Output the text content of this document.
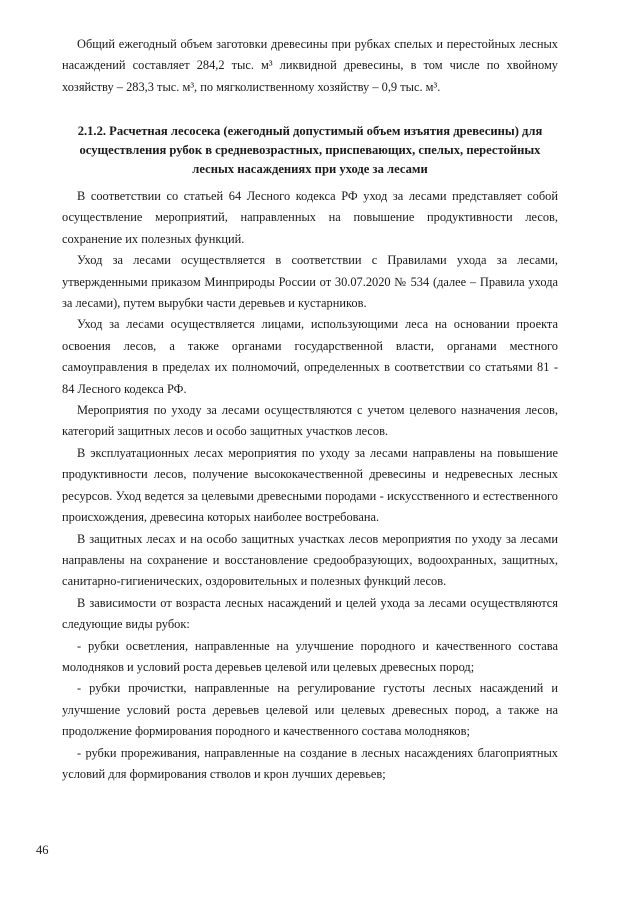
Общий ежегодный объем заготовки древесины при рубках спелых и перестойных лесных насаждений составляет 284,2 тыс. м³ ликвидной древесины, в том числе по хвойному хозяйству – 283,3 тыс. м³, по мягколиственному хозяйству – 0,9 тыс. м³.

2.1.2. Расчетная лесосека (ежегодный допустимый объем изъятия древесины) для осуществления рубок в средневозрастных, приспевающих, спелых, перестойных лесных насаждениях при уходе за лесами

В соответствии со статьей 64 Лесного кодекса РФ уход за лесами представляет собой осуществление мероприятий, направленных на повышение продуктивности лесов, сохранение их полезных функций.

Уход за лесами осуществляется в соответствии с Правилами ухода за лесами, утвержденными приказом Минприроды России от 30.07.2020 № 534 (далее – Правила ухода за лесами), путем вырубки части деревьев и кустарников.

Уход за лесами осуществляется лицами, использующими леса на основании проекта освоения лесов, а также органами государственной власти, органами местного самоуправления в пределах их полномочий, определенных в соответствии со статьями 81 - 84 Лесного кодекса РФ.

Мероприятия по уходу за лесами осуществляются с учетом целевого назначения лесов, категорий защитных лесов и особо защитных участков лесов.

В эксплуатационных лесах мероприятия по уходу за лесами направлены на повышение продуктивности лесов, получение высококачественной древесины и недревесных лесных ресурсов. Уход ведется за целевыми древесными породами - искусственного и естественного происхождения, древесина которых наиболее востребована.

В защитных лесах и на особо защитных участках лесов мероприятия по уходу за лесами направлены на сохранение и восстановление средообразующих, водоохранных, защитных, санитарно-гигиенических, оздоровительных и полезных функций лесов.

В зависимости от возраста лесных насаждений и целей ухода за лесами осуществляются следующие виды рубок:

- рубки осветления, направленные на улучшение породного и качественного состава молодняков и условий роста деревьев целевой или целевых древесных пород;

- рубки прочистки, направленные на регулирование густоты лесных насаждений и улучшение условий роста деревьев целевой или целевых древесных пород, а также на продолжение формирования породного и качественного состава молодняков;

- рубки прореживания, направленные на создание в лесных насаждениях благоприятных условий для формирования стволов и крон лучших деревьев;

46
